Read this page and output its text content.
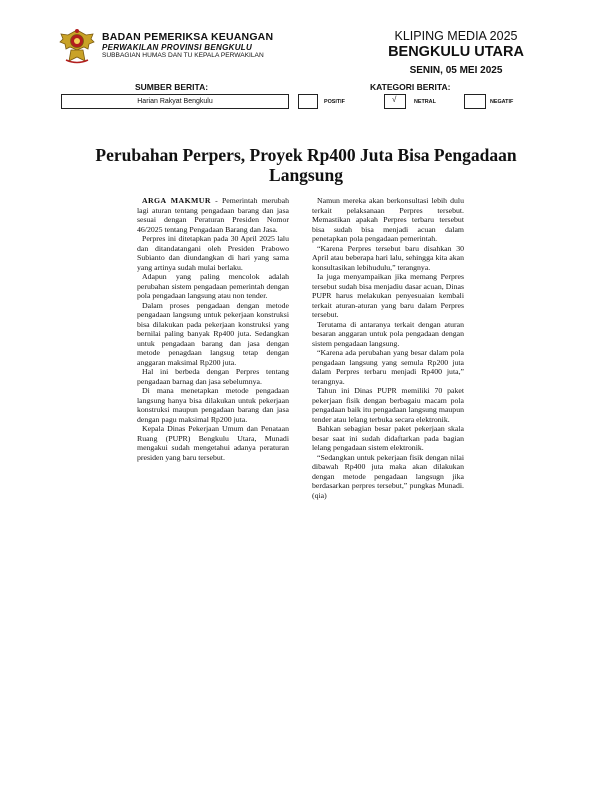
BADAN PEMERIKSA KEUANGAN
PERWAKILAN PROVINSI BENGKULU
SUBBAGIAN HUMAS DAN TU KEPALA PERWAKILAN
KLIPING MEDIA 2025
BENGKULU UTARA
SENIN, 05 MEI 2025
SUMBER BERITA:	KATEGORI BERITA:
Harian Rakyat Bengkulu	POSITIF	√	NETRAL	NEGATIF
Perubahan Perpers, Proyek Rp400 Juta Bisa Pengadaan Langsung

ARGA MAKMUR - Pemerintah merubah lagi aturan tentang pengadaan barang dan jasa sesuai dengan Peraturan Presiden Nomor 46/2025 tentang Pengadaan Barang dan Jasa.

Perpres ini ditetapkan pada 30 April 2025 lalu dan ditandatangani oleh Presiden Prabowo Subianto dan diundangkan di hari yang sama yang artinya sudah mulai berlaku.

Adapun yang paling mencolok adalah perubahan sistem pengadaan pemerintah dengan pola pengadaan langsung atau non tender.

Dalam proses pengadaan dengan metode pengadaan langsung untuk pekerjaan konstruksi bisa dilakukan pada pekerjaan konstruksi yang bernilai paling banyak Rp400 juta. Sedangkan untuk pengadaan barang dan jasa dengan metode penagdaan langsug tetap dengan anggaran maksimal Rp200 juta.

Hal ini berbeda dengan Perpres tentang pengadaan barnag dan jasa sebelumnya.

Di mana menetapkan metode pengadaan langsung hanya bisa dilakukan untuk pekerjaan konstruksi maupun pengadaan barang dan jasa dengan pagu maksimal Rp200 juta.

Kepala Dinas Pekerjaan Umum dan Penataan Ruang (PUPR) Bengkulu Utara, Munadi mengakui sudah mengetahui adanya peraturan presiden yang baru tersebut.

Namun mereka akan berkonsultasi lebih dulu terkait pelaksanaan Perpres tersebut. Memastikan apakah Perpres terbaru tersebut bisa sudah bisa menjadi acuan dalam penetapkan pola pengadaan pemerintah.

“Karena Perpres tersebut baru disahkan 30 April atau beberapa hari lalu, sehingga kita akan konsultasikan lebihudulu,” terangnya.

Ia juga menyampaikan jika memang Perpres tersebut sudah bisa menjadiu dasar acuan, Dinas PUPR harus melakukan penyesuaian kembali terkait aturan-aturan yang baru dalam Perpres tersebut.

Terutama di antaranya terkait dengan aturan besaran anggaran untuk pola pengadaan dengan sistem pengadaan langsung.

“Karena ada perubahan yang besar dalam pola pengadaan langsung yang semula Rp200 juta dalam Perpres terbaru menjadi Rp400 juta,” terangnya.

Tahun ini Dinas PUPR memiliki 70 paket pekerjaan fisik dengan berbagaiu macam pola pengadaan baik itu pengadaan langsung maupun tender atau lelang terbuka secara elektronik.

Bahkan sebagian besar paket pekerjaan skala besar saat ini sudah didaftarkan pada bagian lelang pengadaan sistem elektronik.

“Sedangkan untuk pekerjaan fisik dengan nilai dibawah Rp400 juta maka akan dilakukan dengan metode pengadaan langsugn jika berdasarkan perpres tersebut,” pungkas Munadi. (qia)
